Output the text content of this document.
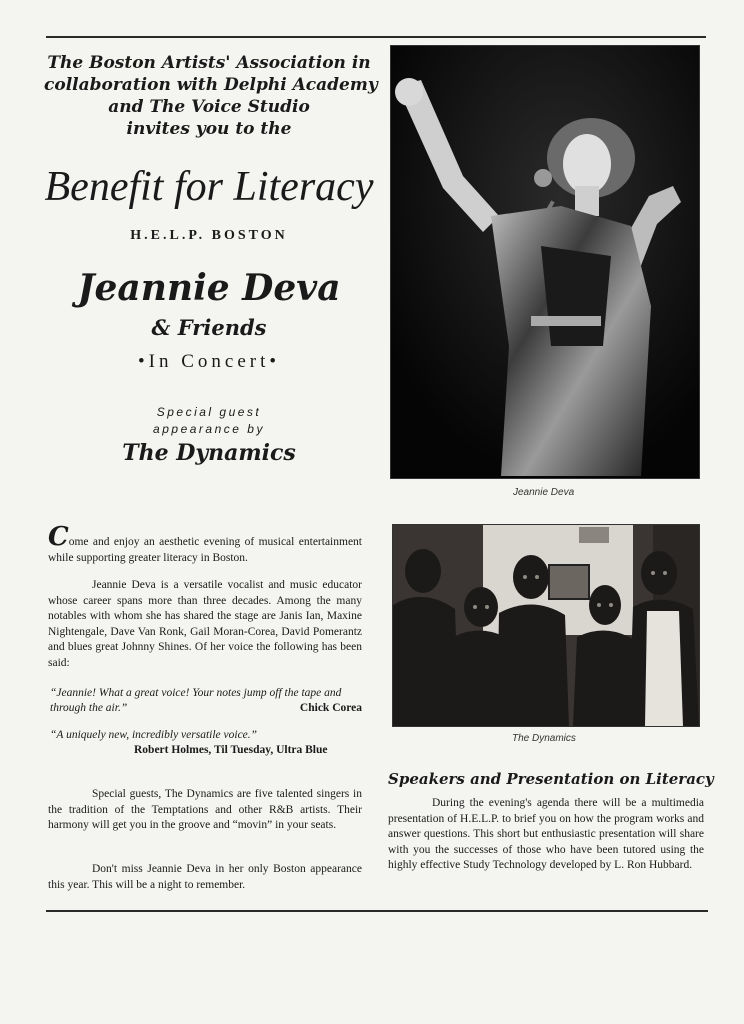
The Boston Artists' Association in
collaboration with Delphi Academy
and The Voice Studio
invites you to the
Benefit for Literacy
H.E.L.P. BOSTON
Jeannie Deva
& Friends
•In Concert•
Special guest
appearance by
The Dynamics
Jeannie Deva
The Dynamics
Come and enjoy an aesthetic evening of musical entertainment while supporting greater literacy in Boston.
Jeannie Deva is a versatile vocalist and music educator whose career spans more than three decades. Among the many notables with whom she has shared the stage are Janis Ian, Maxine Nightengale, Dave Van Ronk, Gail Moran-Corea, David Pomerantz and blues great Johnny Shines. Of her voice the following has been said:
“Jeannie! What a great voice! Your notes jump off the tape and through the air.”	Chick Corea
“A uniquely new, incredibly versatile voice.”
Robert Holmes, Til Tuesday, Ultra Blue
Special guests, The Dynamics are five talented singers in the tradition of the Temptations and other R&B artists. Their harmony will get you in the groove and “movin” in your seats.
Don't miss Jeannie Deva in her only Boston appearance this year. This will be a night to remember.
Speakers and Presentation on Literacy
During the evening's agenda there will be a multimedia presentation of H.E.L.P. to brief you on how the program works and answer questions. This short but enthusiastic presentation will share with you the successes of those who have been tutored using the highly effective Study Technology developed by L. Ron Hubbard.
